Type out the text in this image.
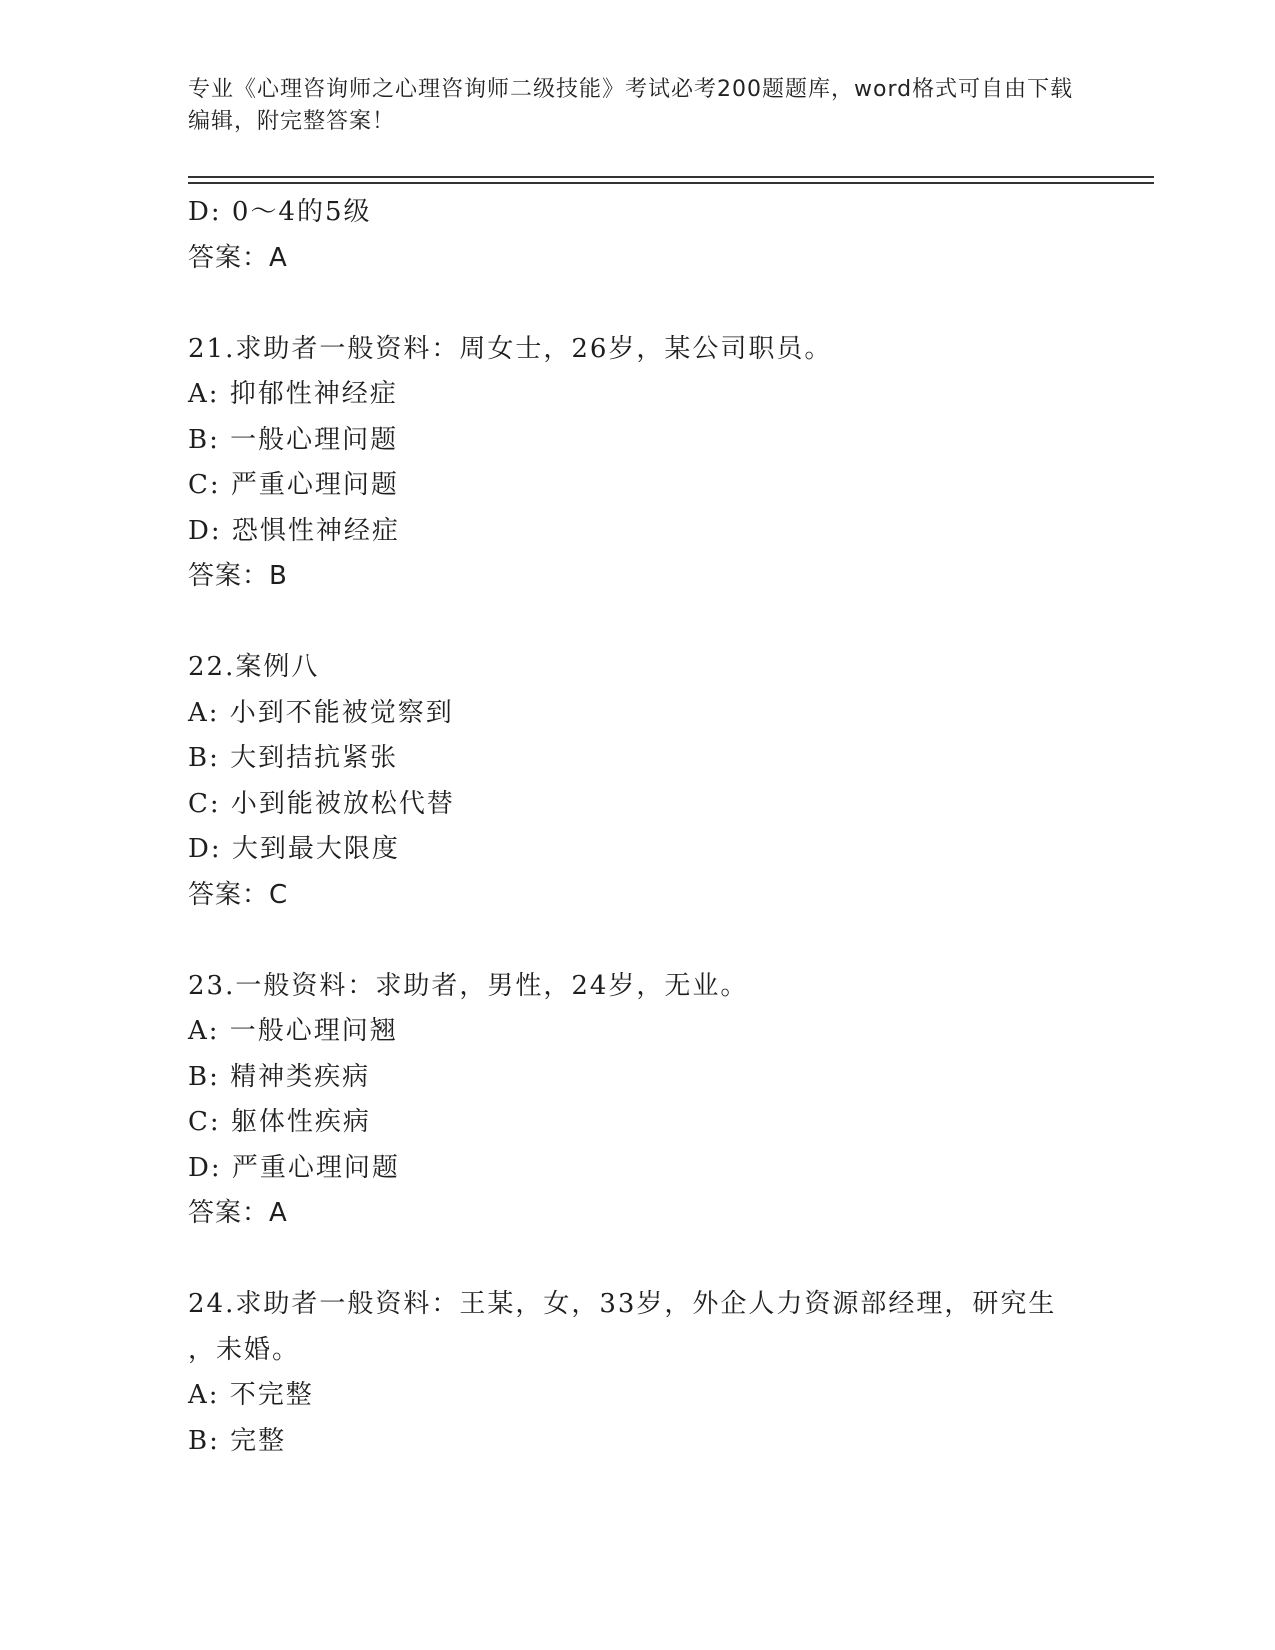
专业《心理咨询师之心理咨询师二级技能》考试必考200题题库，word格式可自由下载编辑，附完整答案！
D: 0～4的5级
答案：A
21.求助者一般资料：周女士，26岁，某公司职员。
A: 抑郁性神经症
B: 一般心理问题
C: 严重心理问题
D: 恐惧性神经症
答案：B
22.案例八
A: 小到不能被觉察到
B: 大到拮抗紧张
C: 小到能被放松代替
D: 大到最大限度
答案：C
23.一般资料：求助者，男性，24岁，无业。
A: 一般心理问翘
B: 精神类疾病
C: 躯体性疾病
D: 严重心理问题
答案：A
24.求助者一般资料：王某，女，33岁，外企人力资源部经理，研究生
，未婚。
A: 不完整
B: 完整
